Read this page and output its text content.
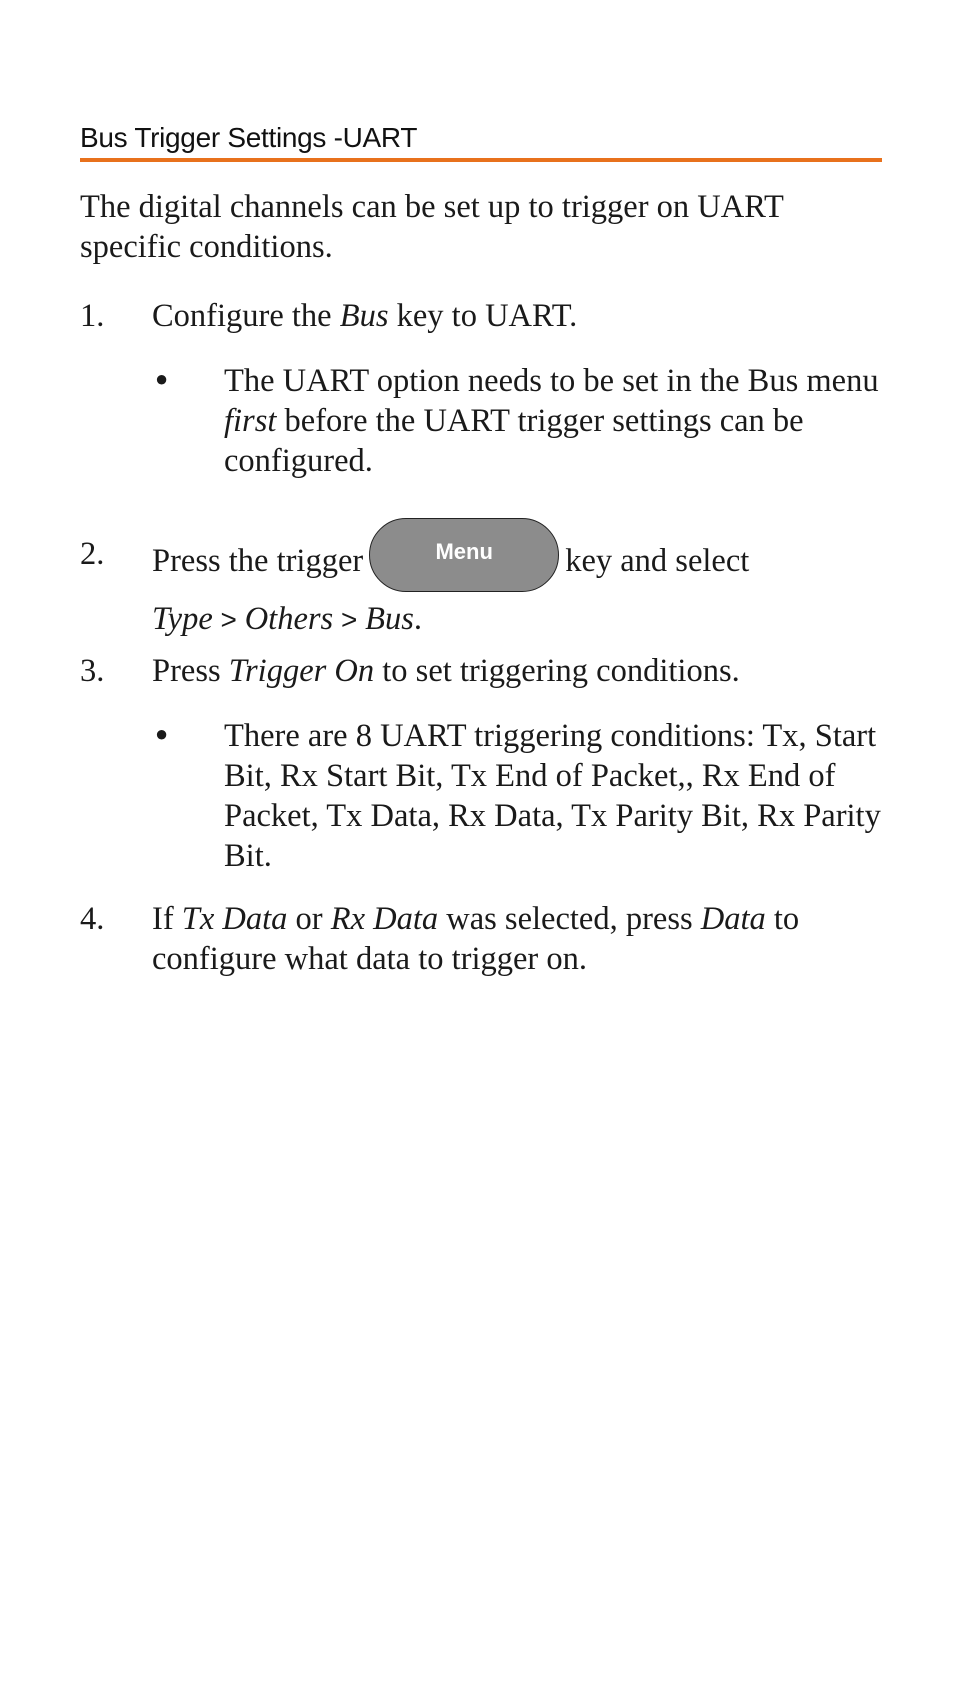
Bus Trigger Settings -UART
The digital channels can be set up to trigger on UART specific conditions.
1. Configure the Bus key to UART.
• The UART option needs to be set in the Bus menu first before the UART trigger settings can be configured.
2. Press the trigger	Menu key and select
Type > Others > Bus.
3. Press Trigger On to set triggering conditions.
• There are 8 UART triggering conditions: Tx, Start Bit, Rx Start Bit, Tx End of Packet,, Rx End of Packet, Tx Data, Rx Data, Tx Parity Bit, Rx Parity Bit.
4. If Tx Data or Rx Data was selected, press Data to configure what data to trigger on.
